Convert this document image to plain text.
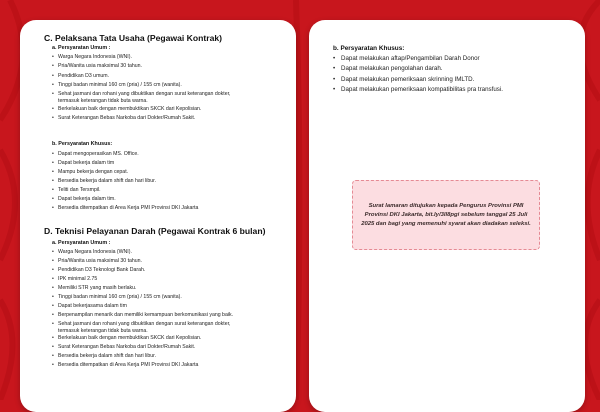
C. Pelaksana Tata Usaha (Pegawai Kontrak)
a. Persyaratan Umum :
• Warga Negara Indonesia (WNI).
• Pria/Wanita usia maksimal 30 tahun.
• Pendidikan D3 umum.
• Tinggi badan minimal 160 cm (pria) / 155 cm (wanita).
• Sehat jasmani dan rohani yang dibuktikan dengan surat keterangan dokter,
termasuk keterangan tidak buta warna.
• Berkelakuan baik dengan membuktikan SKCK dari Kepolisian.
• Surat Keterangan Bebas Narkoba dari Dokter/Rumah Sakit.
b. Persyaratan Khusus:
• Dapat mengoperasikan MS. Office.
• Dapat bekerja dalam tim
• Mampu bekerja dengan cepat.
• Bersedia bekerja dalam shift dan hari libur.
• Teliti dan Tersmpil.
• Dapat bekerja dalam tim.
• Bersedia ditempatkan di Area Kerja PMI Provinsi DKI Jakarta
D. Teknisi Pelayanan Darah (Pegawai Kontrak 6 bulan)
a. Persyaratan Umum :
• Warga Negara Indonesia (WNI).
• Pria/Wanita usia maksimal 30 tahun.
• Pendidikan D3 Teknologi Bank Darah.
• IPK minimal 2.75
• Memiliki STR yang masih berlaku.
• Tinggi badan minimal 160 cm (pria) / 155 cm (wanita).
• Dapat bekerjasama dalam tim
• Berpenampilan menarik dan memiliki kemampuan berkomunikasi yang baik.
• Sehat jasmani dan rohani yang dibuktikan dengan surat keterangan dokter,
termasuk keterangan tidak buta warna.
• Berkelakuan baik dengan membuktikan SKCK dari Kepolisian.
• Surat Keterangan Bebas Narkoba dari Dokter/Rumah Sakit.
• Bersedia bekerja dalam shift dan hari libur.
• Bersedia ditempatkan di Area Kerja PMI Provinsi DKI Jakarta
b. Persyaratan Khusus:
• Dapat melakukan aftap/Pengambilan Darah Donor
• Dapat melakukan pengolahan darah.
• Dapat melakukan pemeriksaan skrinning IMLTD.
• Dapat melakukan pemeriksaan kompatibilitas pra transfusi.

Surat lamaran ditujukan kepada Pengurus Provinsi PMI Provinsi DKI Jakarta, bit.ly/3ll8pgi sebelum tanggal 25 Juli 2025 dan bagi yang memenuhi syarat akan diadakan seleksi.
